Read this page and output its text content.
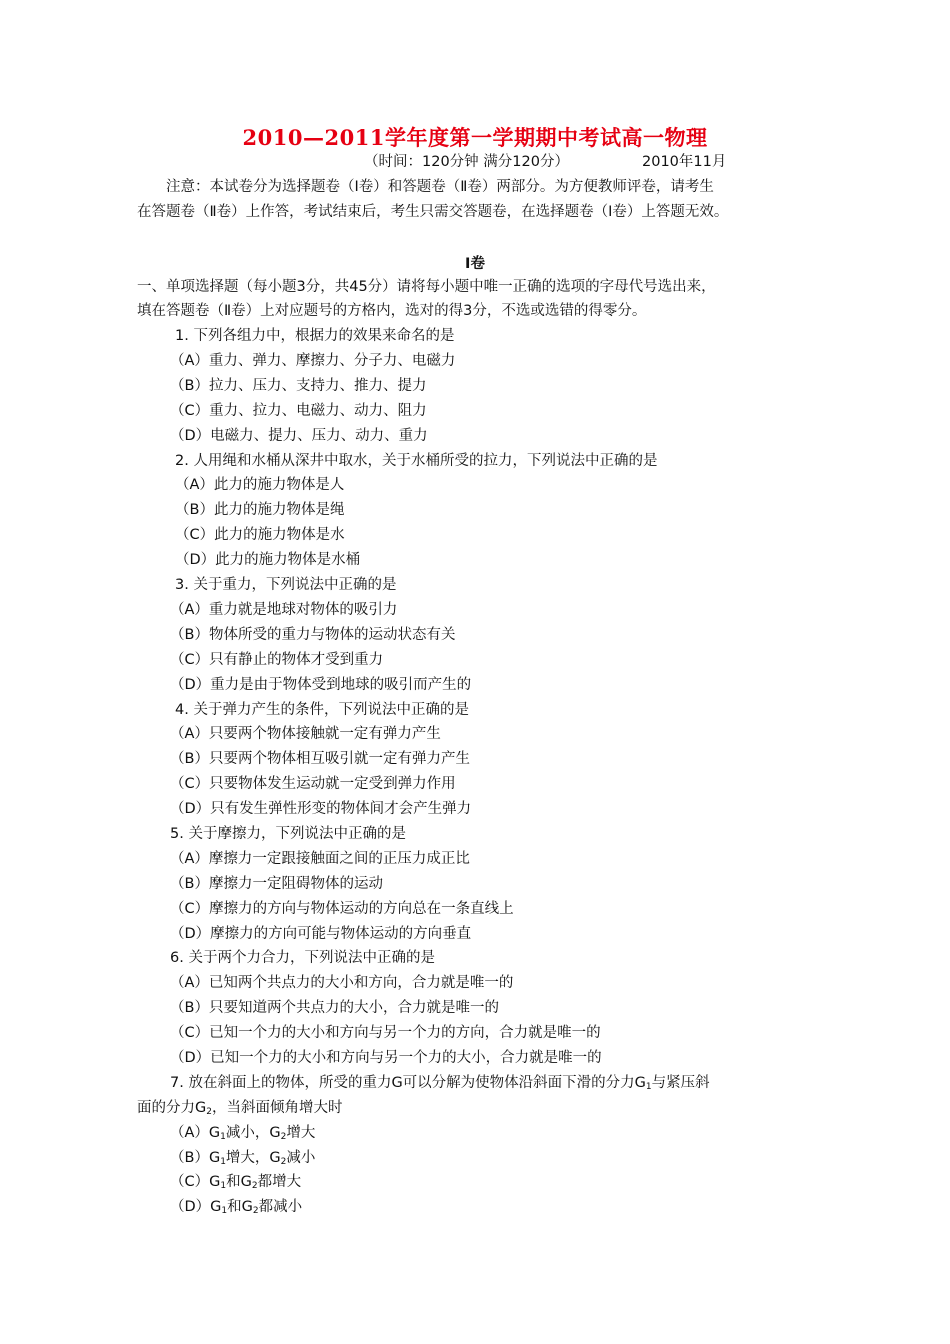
2010—2011学年度第一学期期中考试高一物理
（时间：120分钟 满分120分）	2010年11月
注意：本试卷分为选择题卷（Ⅰ卷）和答题卷（Ⅱ卷）两部分。为方便教师评卷，请考生
在答题卷（Ⅱ卷）上作答，考试结束后，考生只需交答题卷，在选择题卷（Ⅰ卷）上答题无效。
Ⅰ卷
一、单项选择题（每小题3分，共45分）请将每小题中唯一正确的选项的字母代号选出来，
填在答题卷（Ⅱ卷）上对应题号的方格内，选对的得3分，不选或选错的得零分。
1. 下列各组力中，根据力的效果来命名的是
（A）重力、弹力、摩擦力、分子力、电磁力
（B）拉力、压力、支持力、推力、提力
（C）重力、拉力、电磁力、动力、阻力
（D）电磁力、提力、压力、动力、重力
2. 人用绳和水桶从深井中取水，关于水桶所受的拉力，下列说法中正确的是
（A）此力的施力物体是人
（B）此力的施力物体是绳
（C）此力的施力物体是水
（D）此力的施力物体是水桶
3. 关于重力，下列说法中正确的是
（A）重力就是地球对物体的吸引力
（B）物体所受的重力与物体的运动状态有关
（C）只有静止的物体才受到重力
（D）重力是由于物体受到地球的吸引而产生的
4. 关于弹力产生的条件，下列说法中正确的是
（A）只要两个物体接触就一定有弹力产生
（B）只要两个物体相互吸引就一定有弹力产生
（C）只要物体发生运动就一定受到弹力作用
（D）只有发生弹性形变的物体间才会产生弹力
5. 关于摩擦力，下列说法中正确的是
（A）摩擦力一定跟接触面之间的正压力成正比
（B）摩擦力一定阻碍物体的运动
（C）摩擦力的方向与物体运动的方向总在一条直线上
（D）摩擦力的方向可能与物体运动的方向垂直
6. 关于两个力合力，下列说法中正确的是
（A）已知两个共点力的大小和方向，合力就是唯一的
（B）只要知道两个共点力的大小，合力就是唯一的
（C）已知一个力的大小和方向与另一个力的方向，合力就是唯一的
（D）已知一个力的大小和方向与另一个力的大小，合力就是唯一的
7. 放在斜面上的物体，所受的重力G可以分解为使物体沿斜面下滑的分力$G_1$与紧压斜
面的分力$G_2$，当斜面倾角增大时
$(A)G_1$减小，$G_2$增大
$(B)G_1$增大，$G_2$减小
$(C)G_1$和$G_2$都增大
$(D)G_1$和$G_2$都减小
